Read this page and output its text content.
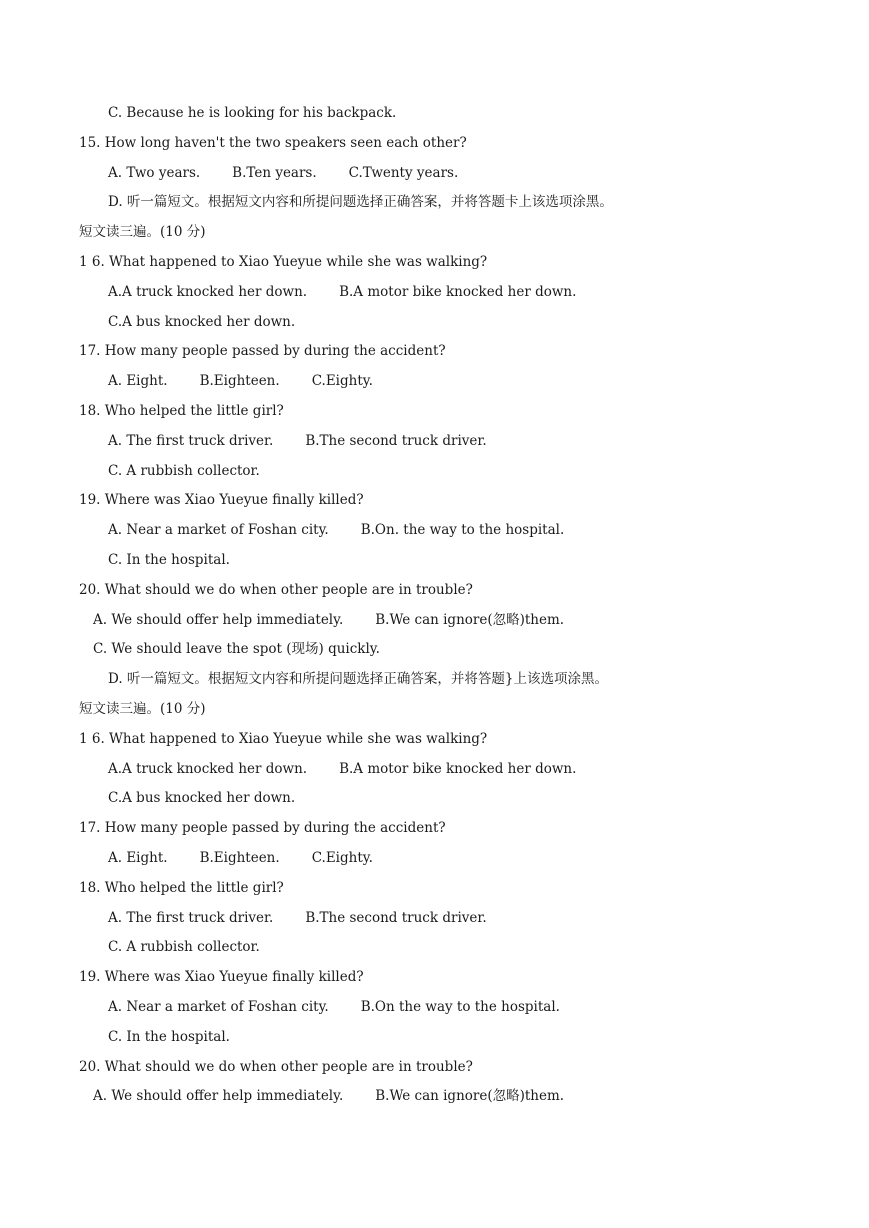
C. Because he is looking for his backpack.
15. How long haven't the two speakers seen each other?
A. Two years. B.Ten years. C.Twenty years.
D. 听一篇短文。根据短文内容和所提问题选择正确答案，并将答题卡上该选项涂黑。
短文读三遍。(10 分)
1 6. What happened to Xiao Yueyue while she was walking?
A.A truck knocked her down. B.A motor bike knocked her down.
C.A bus knocked her down.
17. How many people passed by during the accident?
A. Eight. B.Eighteen. C.Eighty.
18. Who helped the little girl?
A. The first truck driver. B.The second truck driver.
C. A rubbish collector.
19. Where was Xiao Yueyue finally killed?
A. Near a market of Foshan city. B.On. the way to the hospital.
C. In the hospital.
20. What should we do when other people are in trouble?
A. We should offer help immediately. B.We can ignore(忽略)them.
C. We should leave the spot (现场) quickly.
D. 听一篇短文。根据短文内容和所提问题选择正确答案，并将答题}上该选项涂黑。
短文读三遍。(10 分)
1 6. What happened to Xiao Yueyue while she was walking?
A.A truck knocked her down. B.A motor bike knocked her down.
C.A bus knocked her down.
17. How many people passed by during the accident?
A. Eight. B.Eighteen. C.Eighty.
18. Who helped the little girl?
A. The first truck driver. B.The second truck driver.
C. A rubbish collector.
19. Where was Xiao Yueyue finally killed?
A. Near a market of Foshan city. B.On the way to the hospital.
C. In the hospital.
20. What should we do when other people are in trouble?
A. We should offer help immediately. B.We can ignore(忽略)them.
